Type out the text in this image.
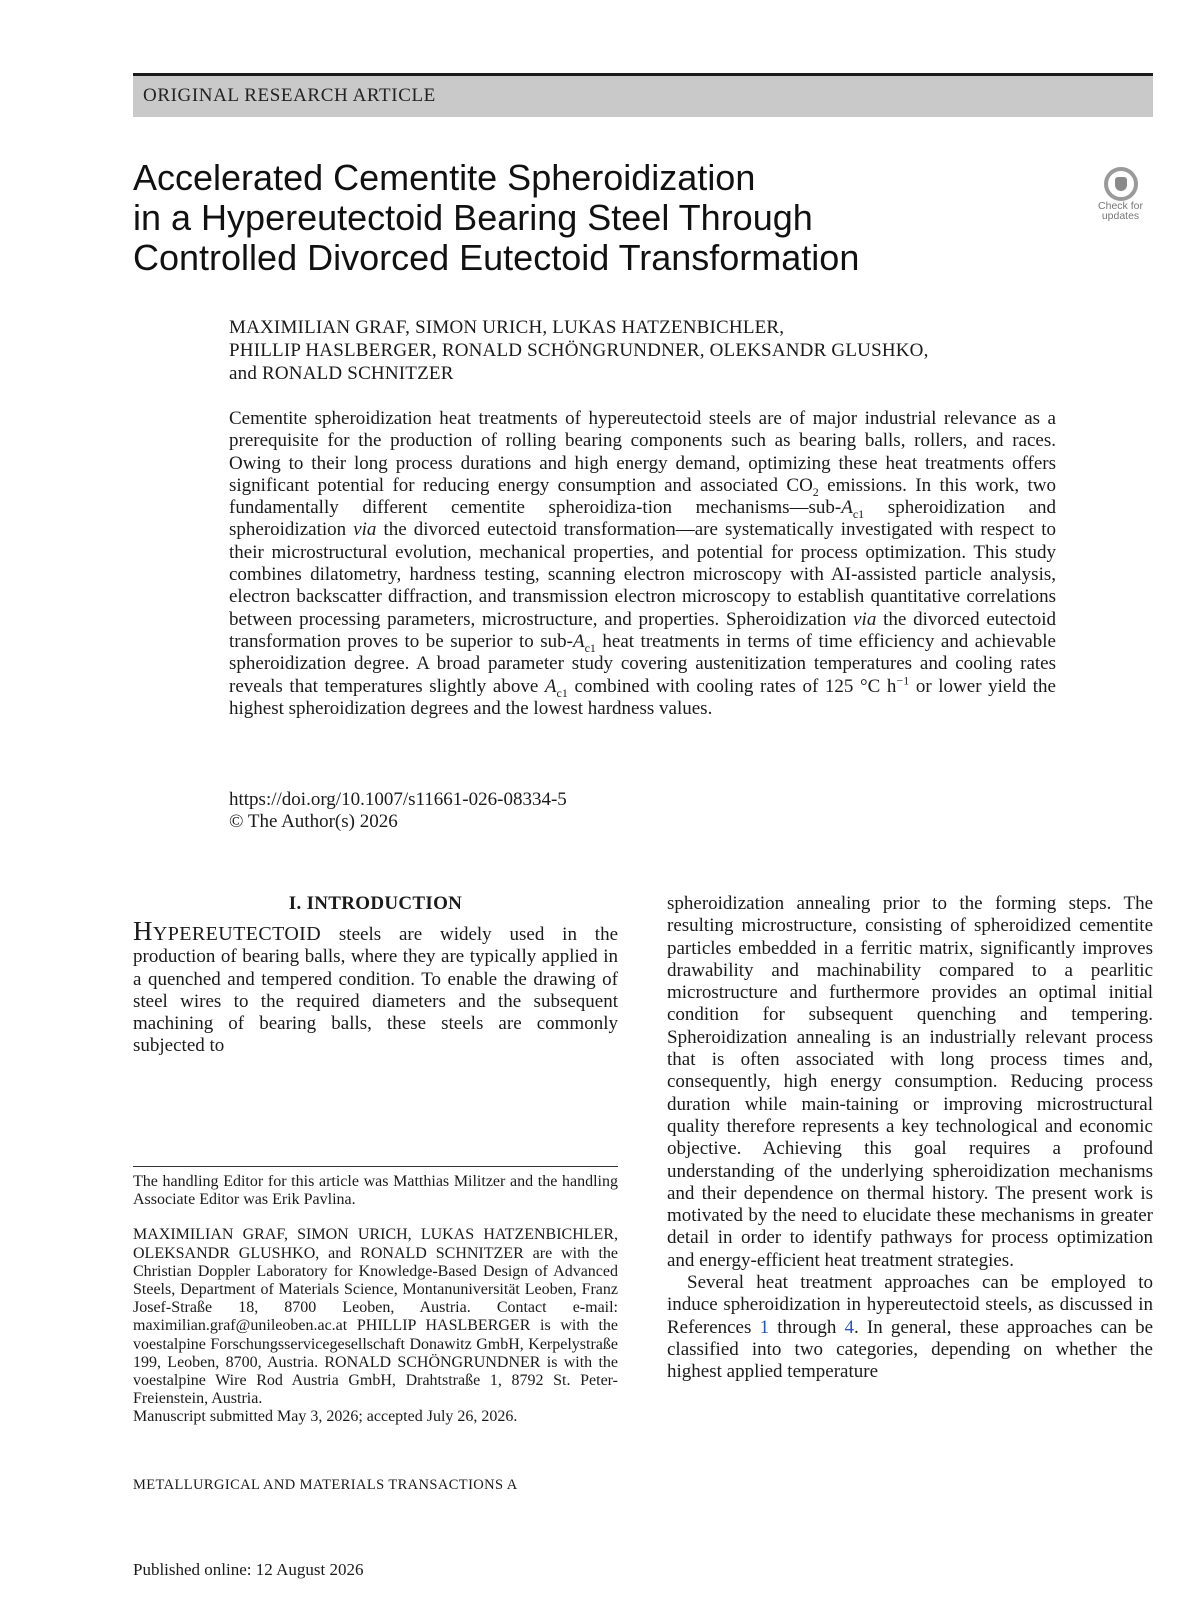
ORIGINAL RESEARCH ARTICLE
Accelerated Cementite Spheroidization
in a Hypereutectoid Bearing Steel Through
Controlled Divorced Eutectoid Transformation
Check for
updates
MAXIMILIAN GRAF, SIMON URICH, LUKAS HATZENBICHLER,
PHILLIP HASLBERGER, RONALD SCHÖNGRUNDNER, OLEKSANDR GLUSHKO,
and RONALD SCHNITZER

Cementite spheroidization heat treatments of hypereutectoid steels are of major industrial relevance as a prerequisite for the production of rolling bearing components such as bearing balls, rollers, and races. Owing to their long process durations and high energy demand, optimizing these heat treatments offers significant potential for reducing energy consumption and associated $CO_2$ emissions. In this work, two fundamentally different cementite spheroidiza-tion $mechanisms—sub-A_{c1}$ spheroidization and spheroidization via the divorced eutectoid transformation—are systematically investigated with respect to their microstructural evolution, mechanical properties, and potential for process optimization. This study combines dilatometry, hardness testing, scanning electron microscopy with AI-assisted particle analysis, electron backscatter diffraction, and transmission electron microscopy to establish quantitative correlations between processing parameters, microstructure, and properties. Spheroidization via the divorced eutectoid transformation proves to be superior to sub-$A_{c1}$ heat treatments in terms of time efficiency and achievable spheroidization degree. A broad parameter study covering austenitization temperatures and cooling rates reveals that temperatures slightly above $A_{c1}$ combined with cooling rates of 125 °C $h^{-1}$ or lower yield the highest spheroidization degrees and the lowest hardness values.

https://doi.org/10.1007/s11661-026-08334-5
© The Author(s) 2026
I. INTRODUCTION

HYPEREUTECTOID steels are widely used in the production of bearing balls, where they are typically applied in a quenched and tempered condition. To enable the drawing of steel wires to the required diameters and the subsequent machining of bearing balls, these steels are commonly subjected to

spheroidization annealing prior to the forming steps. The resulting microstructure, consisting of spheroidized cementite particles embedded in a ferritic matrix, significantly improves drawability and machinability compared to a pearlitic microstructure and furthermore provides an optimal initial condition for subsequent quenching and tempering. Spheroidization annealing is an industrially relevant process that is often associated with long process times and, consequently, high energy consumption. Reducing process duration while main-taining or improving microstructural quality therefore represents a key technological and economic objective. Achieving this goal requires a profound understanding of the underlying spheroidization mechanisms and their dependence on thermal history. The present work is motivated by the need to elucidate these mechanisms in greater detail in order to identify pathways for process optimization and energy-efficient heat treatment strategies.

Several heat treatment approaches can be employed to induce spheroidization in hypereutectoid steels, as discussed in References 1 through 4. In general, these approaches can be classified into two categories, depending on whether the highest applied temperature

The handling Editor for this article was Matthias Militzer and the handling Associate Editor was Erik Pavlina.

MAXIMILIAN GRAF, SIMON URICH, LUKAS HATZENBICHLER, OLEKSANDR GLUSHKO, and RONALD SCHNITZER are with the Christian Doppler Laboratory for Knowledge-Based Design of Advanced Steels, Department of Materials Science, Montanuniversität Leoben, Franz Josef-Straße 18, 8700 Leoben, Austria. Contact e-mail: maximilian.graf@unileoben.ac.at PHILLIP HASLBERGER is with the voestalpine Forschungsservicegesellschaft Donawitz GmbH, Kerpelystraße 199, Leoben, 8700, Austria. RONALD SCHÖNGRUNDNER is with the voestalpine Wire Rod Austria GmbH, Drahtstraße 1, 8792 St. Peter-Freienstein, Austria.

Manuscript submitted May 3, 2026; accepted July 26, 2026.

METALLURGICAL AND MATERIALS TRANSACTIONS A
Published online: 12 August 2026
